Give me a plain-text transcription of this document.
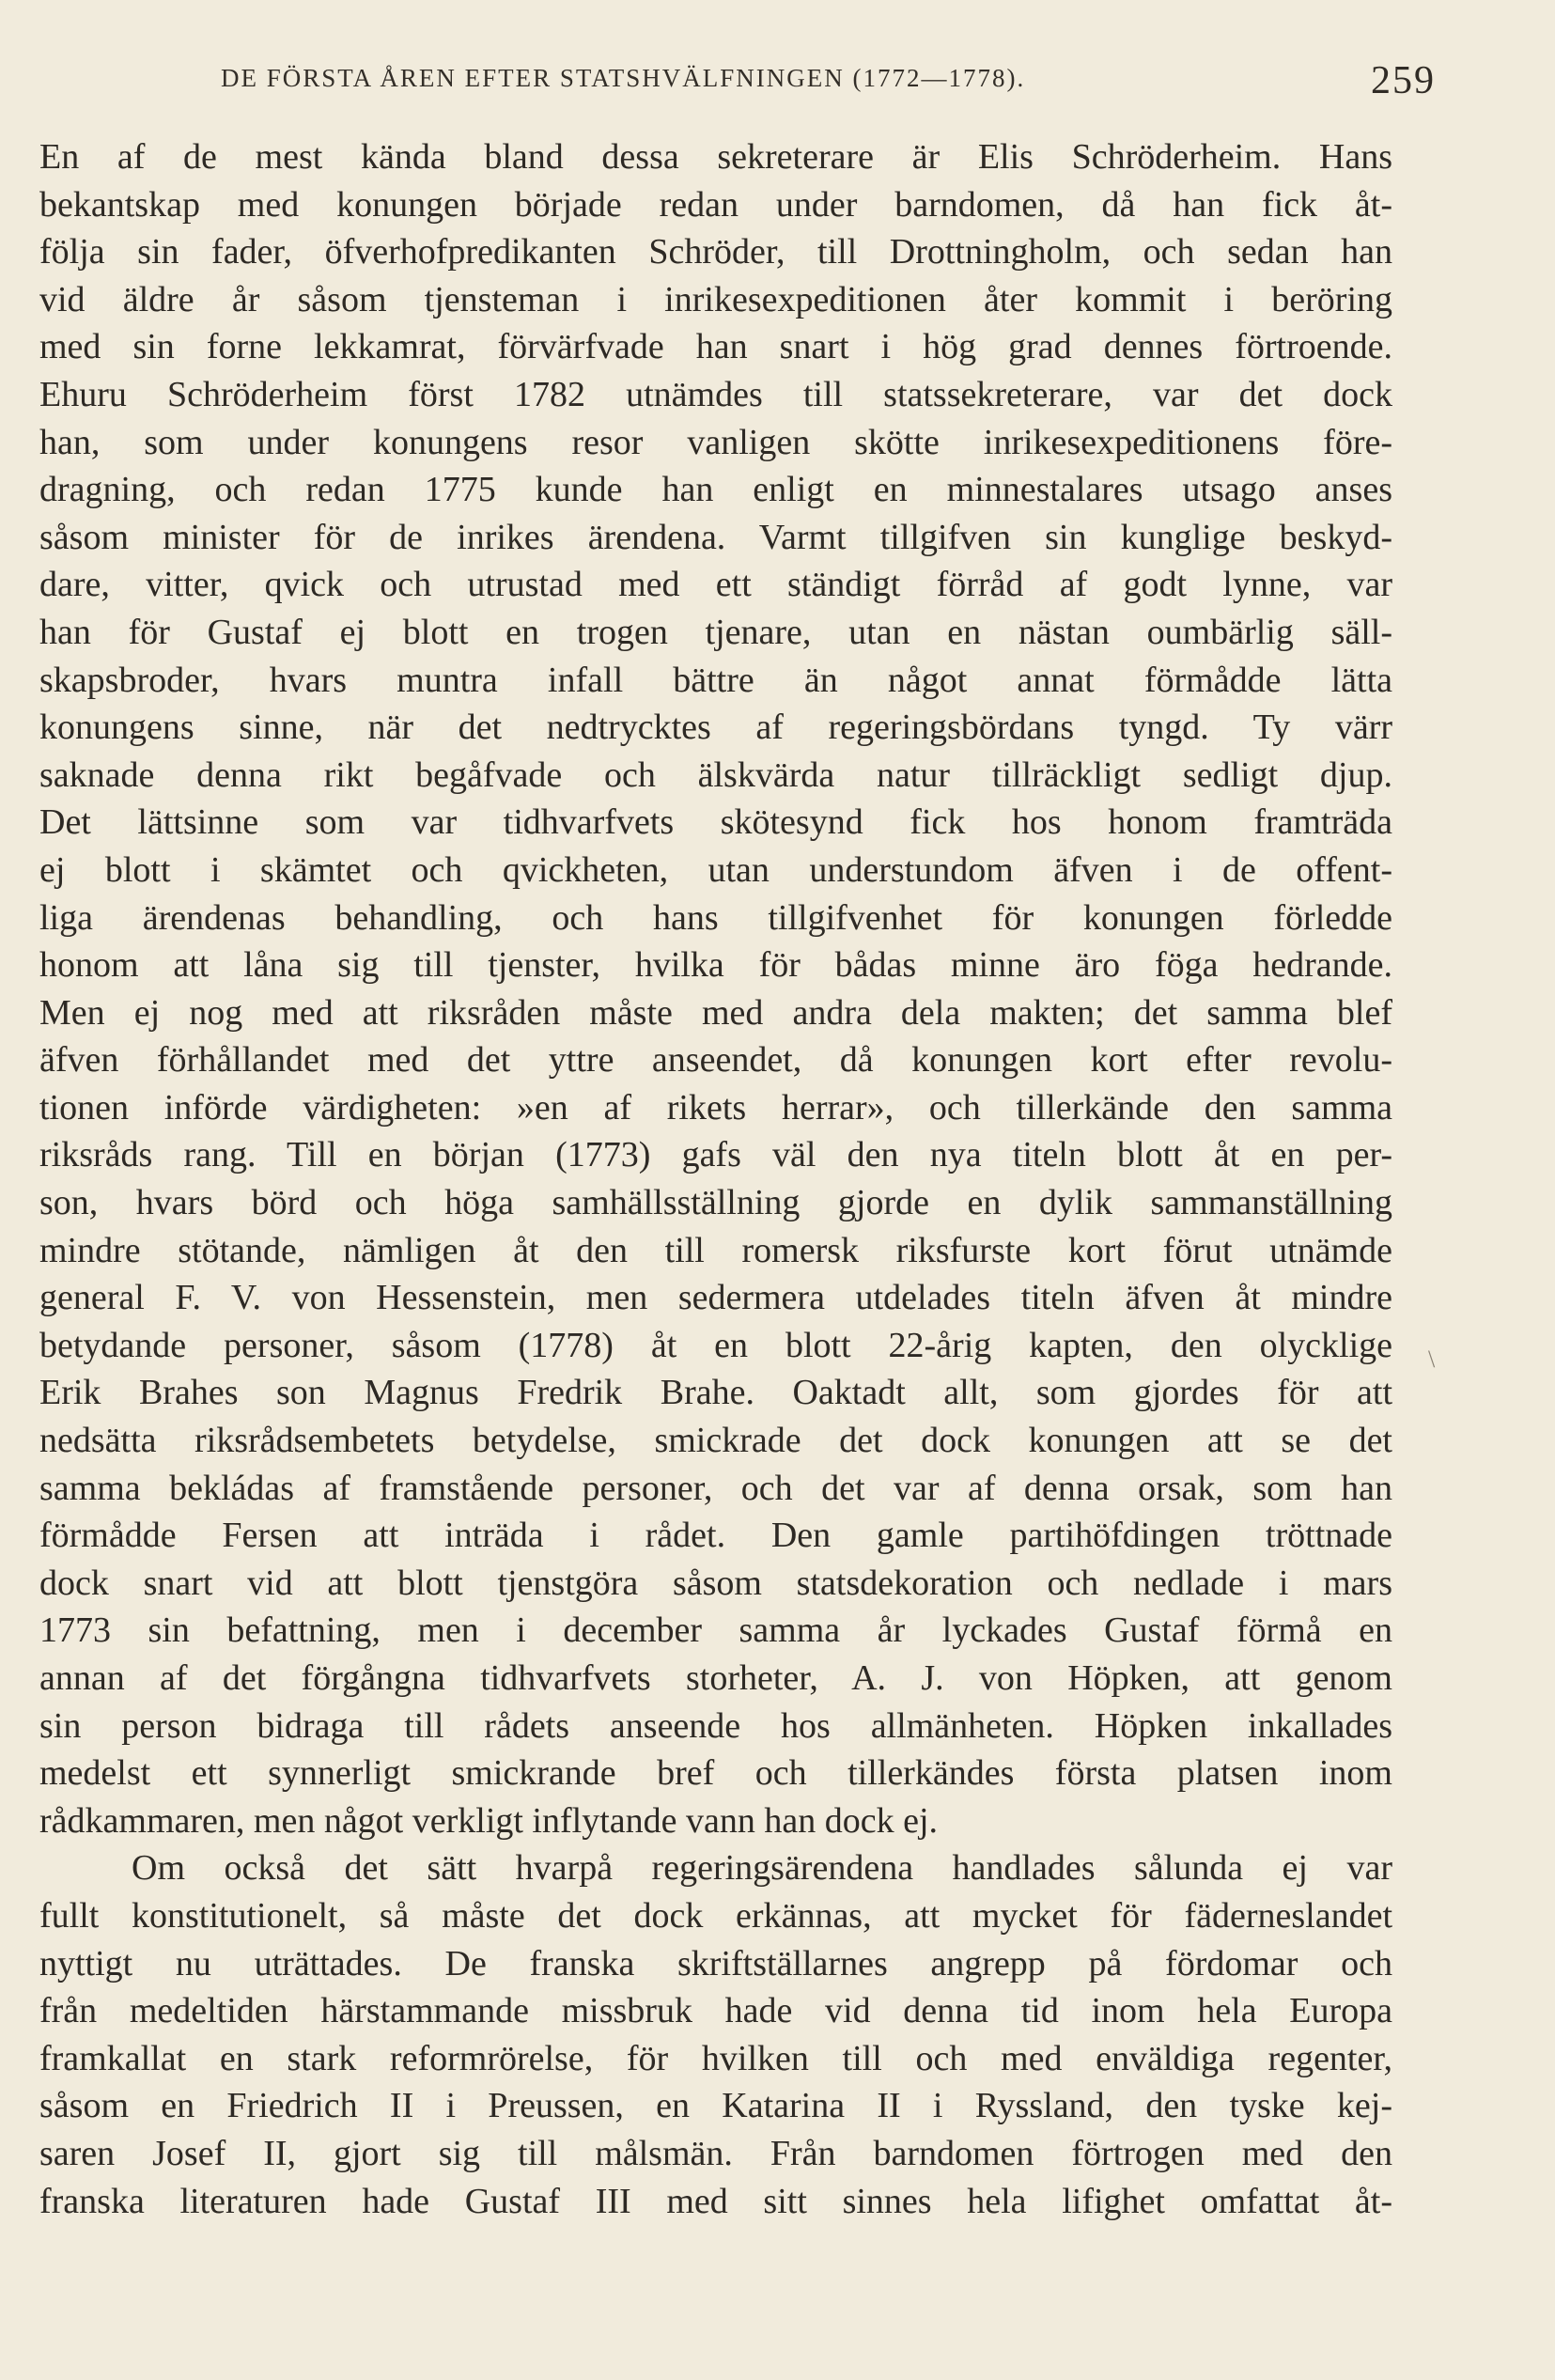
DE FÖRSTA ÅREN EFTER STATSHVÄLFNINGEN (1772—1778).	259
En af de mest kända bland dessa sekreterare är Elis Schröderheim. Hans
bekantskap med konungen började redan under barndomen, då han fick åt-
följa sin fader, öfverhofpredikanten Schröder, till Drottningholm, och sedan han
vid äldre år såsom tjensteman i inrikesexpeditionen åter kommit i beröring
med sin forne lekkamrat, förvärfvade han snart i hög grad dennes förtroende.
Ehuru Schröderheim först 1782 utnämdes till statssekreterare, var det dock
han, som under konungens resor vanligen skötte inrikesexpeditionens före-
dragning, och redan 1775 kunde han enligt en minnestalares utsago anses
såsom minister för de inrikes ärendena. Varmt tillgifven sin kunglige beskyd-
dare, vitter, qvick och utrustad med ett ständigt förråd af godt lynne, var
han för Gustaf ej blott en trogen tjenare, utan en nästan oumbärlig säll-
skapsbroder, hvars muntra infall bättre än något annat förmådde lätta
konungens sinne, när det nedtrycktes af regeringsbördans tyngd. Ty värr
saknade denna rikt begåfvade och älskvärda natur tillräckligt sedligt djup.
Det lättsinne som var tidhvarfvets skötesynd fick hos honom framträda
ej blott i skämtet och qvickheten, utan understundom äfven i de offent-
liga ärendenas behandling, och hans tillgifvenhet för konungen förledde
honom att låna sig till tjenster, hvilka för bådas minne äro föga hedrande.
Men ej nog med att riksråden måste med andra dela makten; det samma blef
äfven förhållandet med det yttre anseendet, då konungen kort efter revolu-
tionen införde värdigheten: »en af rikets herrar», och tillerkände den samma
riksråds rang. Till en början (1773) gafs väl den nya titeln blott åt en per-
son, hvars börd och höga samhällsställning gjorde en dylik sammanställning
mindre stötande, nämligen åt den till romersk riksfurste kort förut utnämde
general F. V. von Hessenstein, men sedermera utdelades titeln äfven åt mindre
betydande personer, såsom (1778) åt en blott 22-årig kapten, den olycklige
Erik Brahes son Magnus Fredrik Brahe. Oaktadt allt, som gjordes för att
nedsätta riksrådsembetets betydelse, smickrade det dock konungen att se det
samma bekládas af framstående personer, och det var af denna orsak, som han
förmådde Fersen att inträda i rådet. Den gamle partihöfdingen tröttnade
dock snart vid att blott tjenstgöra såsom statsdekoration och nedlade i mars
1773 sin befattning, men i december samma år lyckades Gustaf förmå en
annan af det förgångna tidhvarfvets storheter, A. J. von Höpken, att genom
sin person bidraga till rådets anseende hos allmänheten. Höpken inkallades
medelst ett synnerligt smickrande bref och tillerkändes första platsen inom
rådkammaren, men något verkligt inflytande vann han dock ej.
Om också det sätt hvarpå regeringsärendena handlades sålunda ej var
fullt konstitutionelt, så måste det dock erkännas, att mycket för fäderneslandet
nyttigt nu uträttades. De franska skriftställarnes angrepp på fördomar och
från medeltiden härstammande missbruk hade vid denna tid inom hela Europa
framkallat en stark reformrörelse, för hvilken till och med enväldiga regenter,
såsom en Friedrich II i Preussen, en Katarina II i Ryssland, den tyske kej-
saren Josef II, gjort sig till målsmän. Från barndomen förtrogen med den
franska literaturen hade Gustaf III med sitt sinnes hela lifighet omfattat åt-
\
